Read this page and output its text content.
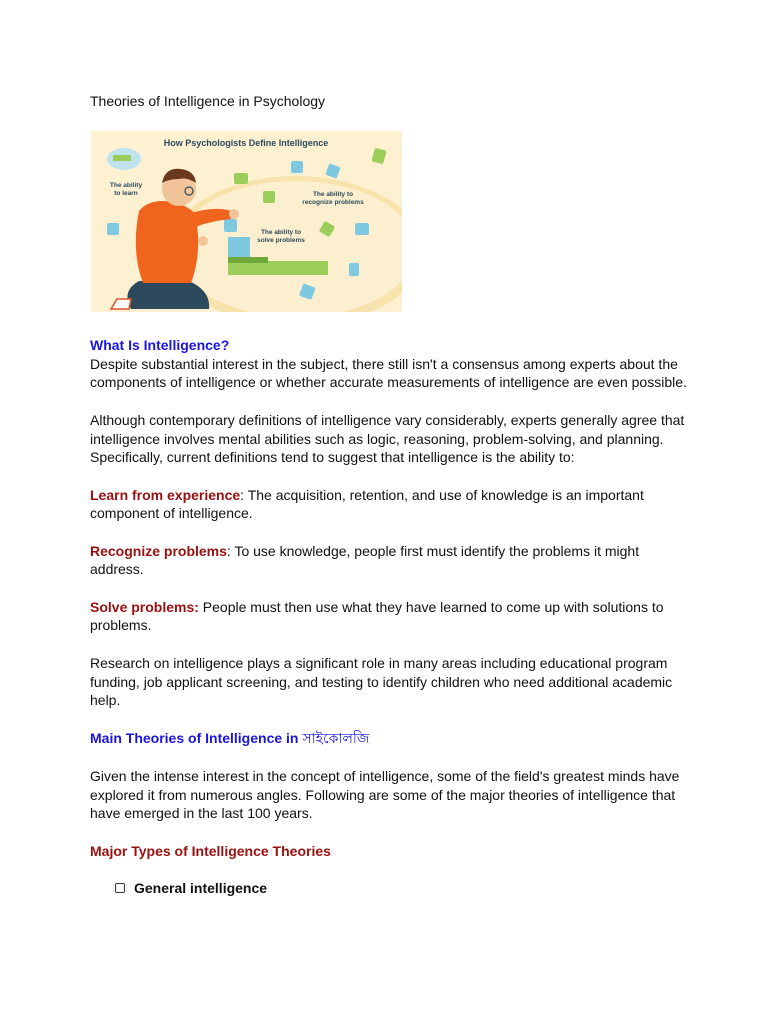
Theories of Intelligence in Psychology
How Psychologists Define Intelligence
The ability to learn	The ability to recognize problems
The ability to solve problems

What Is Intelligence?

Despite substantial interest in the subject, there still isn't a consensus among experts about the components of intelligence or whether accurate measurements of intelligence are even possible.

Although contemporary definitions of intelligence vary considerably, experts generally agree that intelligence involves mental abilities such as logic, reasoning, problem-solving, and planning. Specifically, current definitions tend to suggest that intelligence is the ability to:

Learn from experience: The acquisition, retention, and use of knowledge is an important component of intelligence.

Recognize problems: To use knowledge, people first must identify the problems it might address.

Solve problems: People must then use what they have learned to come up with solutions to problems.

Research on intelligence plays a significant role in many areas including educational program funding, job applicant screening, and testing to identify children who need additional academic help.

Main Theories of Intelligence in সাইকোলজি

Given the intense interest in the concept of intelligence, some of the field's greatest minds have explored it from numerous angles. Following are some of the major theories of intelligence that have emerged in the last 100 years.

Major Types of Intelligence Theories

General intelligence
